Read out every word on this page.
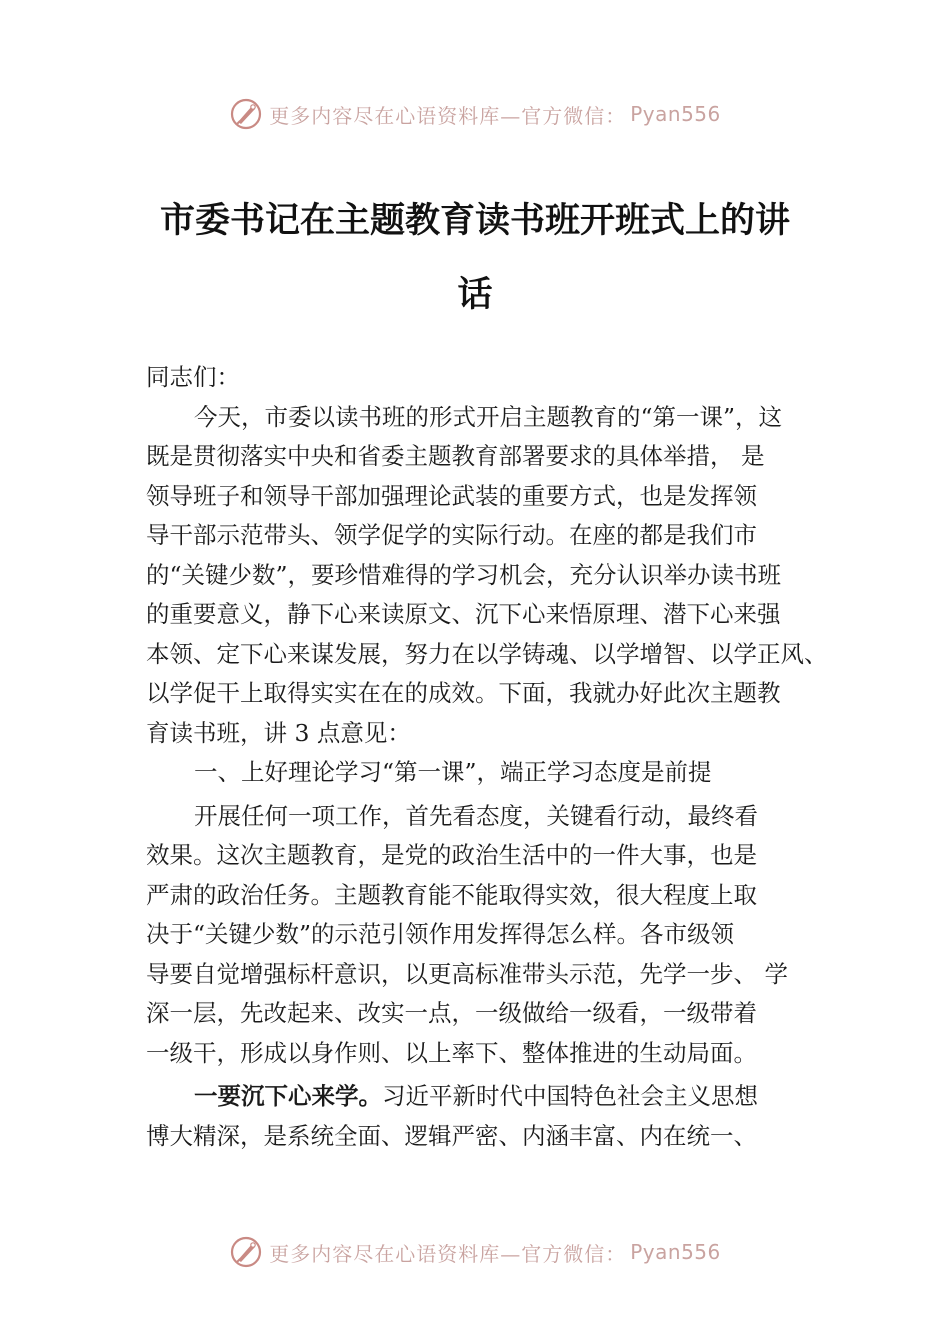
更多内容尽在心语资料库—官方微信： Pyan556
市委书记在主题教育读书班开班式上的讲
话
同志们：
今天，市委以读书班的形式开启主题教育的“第一课”，这
既是贯彻落实中央和省委主题教育部署要求的具体举措， 是
领导班子和领导干部加强理论武装的重要方式，也是发挥领
导干部示范带头、领学促学的实际行动。在座的都是我们市
的“关键少数”，要珍惜难得的学习机会，充分认识举办读书班
的重要意义，静下心来读原文、沉下心来悟原理、潜下心来强
本领、定下心来谋发展，努力在以学铸魂、以学增智、以学正风、
以学促干上取得实实在在的成效。下面，我就办好此次主题教
育读书班，讲 3 点意见：
一、上好理论学习“第一课”，端正学习态度是前提
开展任何一项工作，首先看态度，关键看行动，最终看
效果。这次主题教育，是党的政治生活中的一件大事，也是
严肃的政治任务。主题教育能不能取得实效，很大程度上取
决于“关键少数”的示范引领作用发挥得怎么样。各市级领
导要自觉增强标杆意识，以更高标准带头示范，先学一步、 学
深一层，先改起来、改实一点，一级做给一级看，一级带着
一级干，形成以身作则、以上率下、整体推进的生动局面。
一要沉下心来学。习近平新时代中国特色社会主义思想
博大精深，是系统全面、逻辑严密、内涵丰富、内在统一、
更多内容尽在心语资料库—官方微信： Pyan556
